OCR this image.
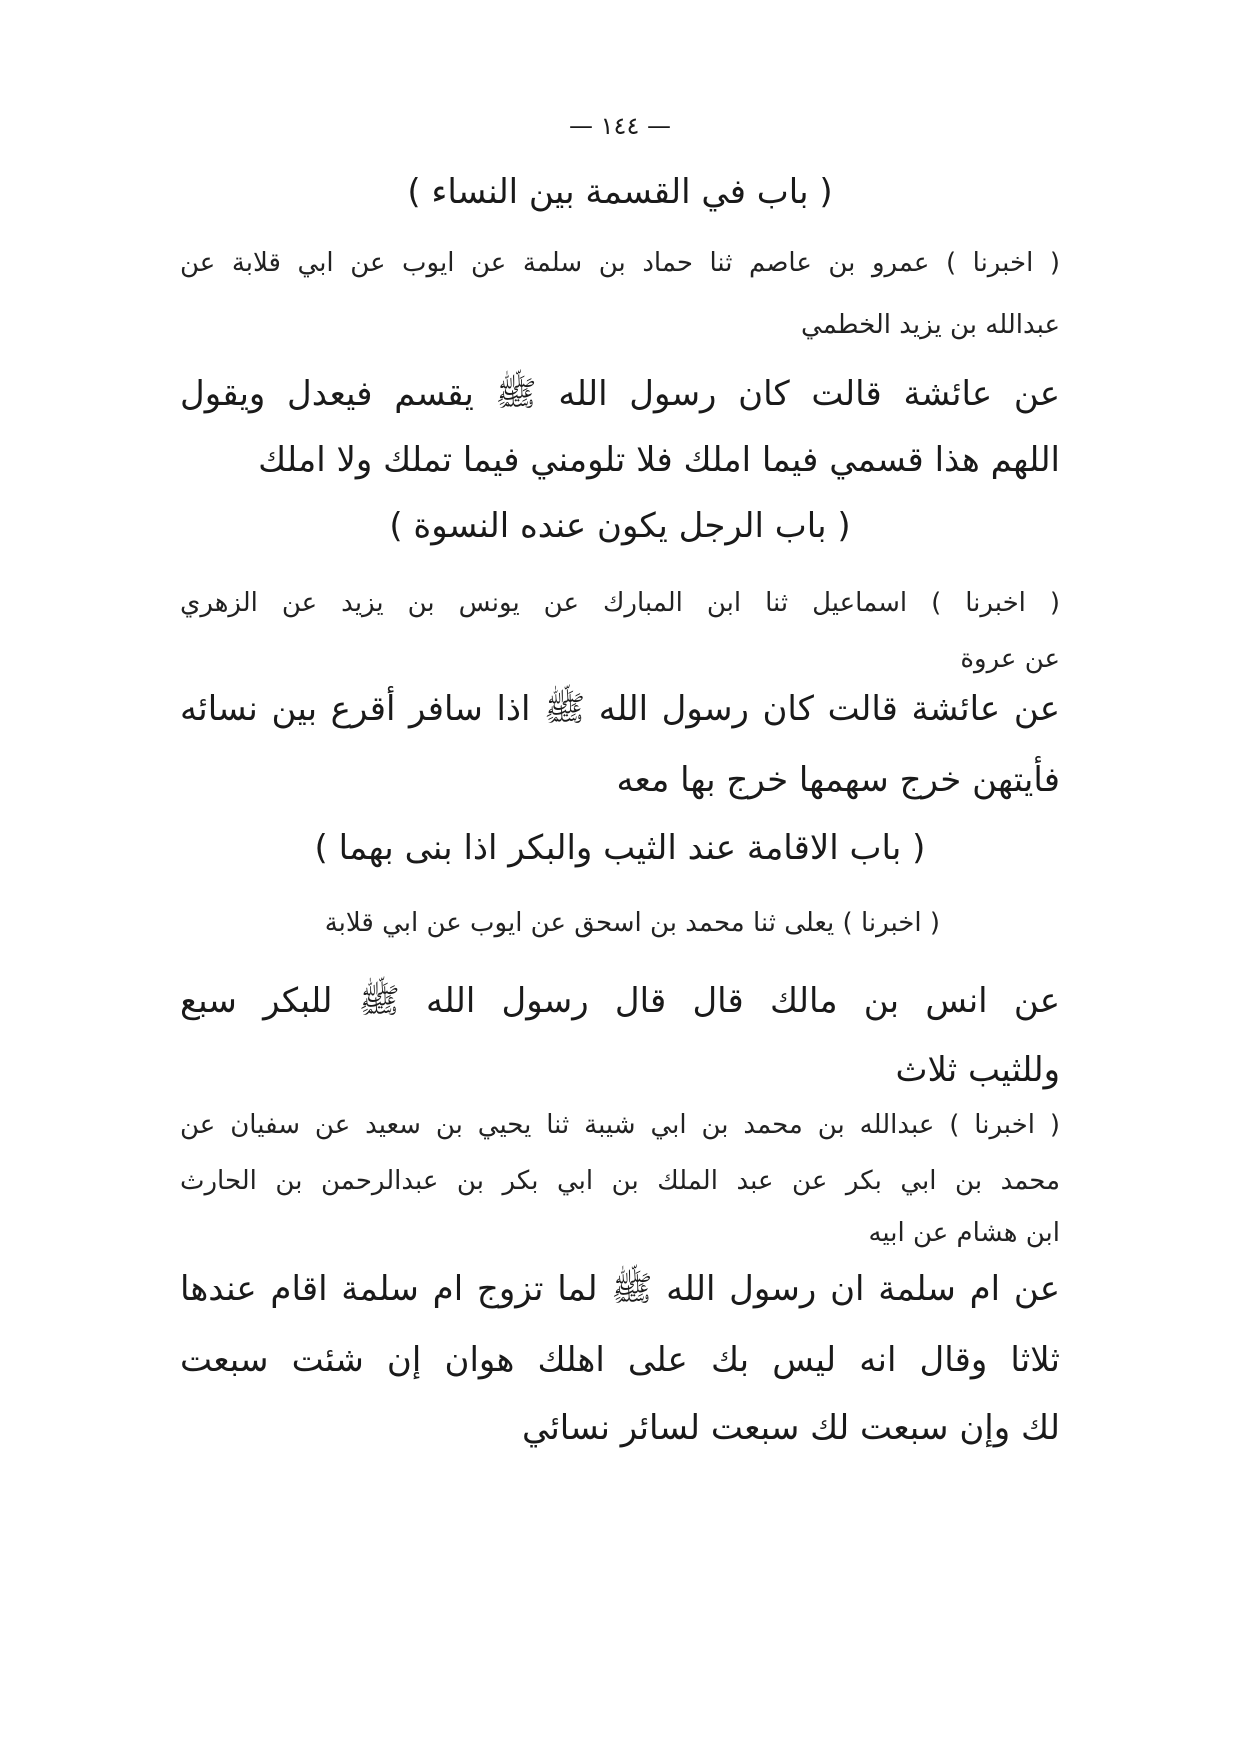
— ١٤٤ —
( باب في القسمة بين النساء )
( اخبرنا ) عمرو بن عاصم ثنا حماد بن سلمة عن ايوب عن ابي قلابة عن
عبدالله بن يزيد الخطمي
عن عائشة قالت كان رسول الله ﷺ يقسم فيعدل ويقول
اللهم هذا قسمي فيما املك فلا تلومني فيما تملك ولا املك
( باب الرجل يكون عنده النسوة )
( اخبرنا ) اسماعيل ثنا ابن المبارك عن يونس بن يزيد عن الزهري
عن عروة
عن عائشة قالت كان رسول الله ﷺ اذا سافر أقرع بين نسائه
فأيتهن خرج سهمها خرج بها معه
( باب الاقامة عند الثيب والبكر اذا بنى بهما )
( اخبرنا ) يعلى ثنا محمد بن اسحق عن ايوب عن ابي قلابة
عن انس بن مالك قال قال رسول الله ﷺ للبكر سبع
وللثيب ثلاث
( اخبرنا ) عبدالله بن محمد بن ابي شيبة ثنا يحيي بن سعيد عن سفيان عن
محمد بن ابي بكر عن عبد الملك بن ابي بكر بن عبدالرحمن بن الحارث
ابن هشام عن ابيه
عن ام سلمة ان رسول الله ﷺ لما تزوج ام سلمة اقام عندها
ثلاثا وقال انه ليس بك على اهلك هوان إن شئت سبعت
لك وإن سبعت لك سبعت لسائر نسائي
